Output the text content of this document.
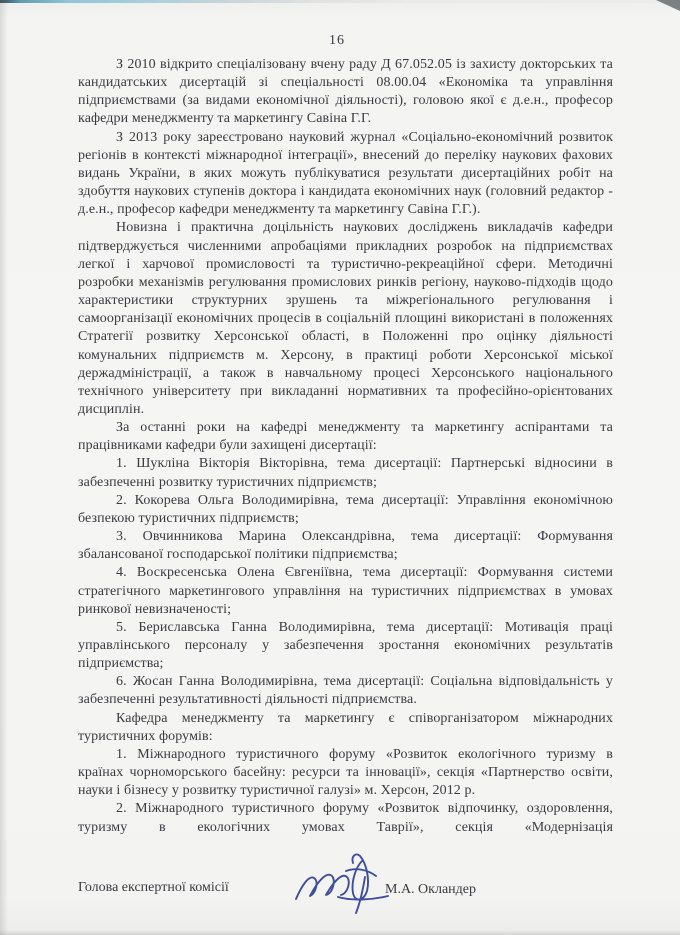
16

З 2010 відкрито спеціалізовану вчену раду Д 67.052.05 із захисту докторських та кандидатських дисертацій зі спеціальності 08.00.04 «Економіка та управління підприємствами (за видами економічної діяльності), головою якої є д.е.н., професор кафедри менеджменту та маркетингу Савіна Г.Г.

З 2013 року зареєстровано науковий журнал «Соціально-економічний розвиток регіонів в контексті міжнародної інтеграції», внесений до переліку наукових фахових видань України, в яких можуть публікуватися результати дисертаційних робіт на здобуття наукових ступенів доктора і кандидата економічних наук (головний редактор - д.е.н., професор кафедри менеджменту та маркетингу Савіна Г.Г.).

Новизна і практична доцільність наукових досліджень викладачів кафедри підтверджується численними апробаціями прикладних розробок на підприємствах легкої і харчової промисловості та туристично-рекреаційної сфери. Методичні розробки механізмів регулювання промислових ринків регіону, науково-підходів щодо характеристики структурних зрушень та міжрегіонального регулювання і самоорганізації економічних процесів в соціальній площині використані в положеннях Стратегії розвитку Херсонської області, в Положенні про оцінку діяльності комунальних підприємств м. Херсону, в практиці роботи Херсонської міської держадміністрації, а також в навчальному процесі Херсонського національного технічного університету при викладанні нормативних та професійно-орієнтованих дисциплін.

За останні роки на кафедрі менеджменту та маркетингу аспірантами та працівниками кафедри були захищені дисертації:

1. Шукліна Вікторія Вікторівна, тема дисертації: Партнерські відносини в забезпеченні розвитку туристичних підприємств;

2. Кокорева Ольга Володимирівна, тема дисертації: Управління економічною безпекою туристичних підприємств;

3. Овчинникова Марина Олександрівна, тема дисертації: Формування збалансованої господарської політики підприємства;

4. Воскресенська Олена Євгеніївна, тема дисертації: Формування системи стратегічного маркетингового управління на туристичних підприємствах в умовах ринкової невизначеності;

5. Бериславська Ганна Володимирівна, тема дисертації: Мотивація праці управлінського персоналу у забезпечення зростання економічних результатів підприємства;

6. Жосан Ганна Володимирівна, тема дисертації: Соціальна відповідальність у забезпеченні результативності діяльності підприємства.

Кафедра менеджменту та маркетингу є співорганізатором міжнародних туристичних форумів:

1. Міжнародного туристичного форуму «Розвиток екологічного туризму в країнах чорноморського басейну: ресурси та інновації», секція «Партнерство освіти, науки і бізнесу у розвитку туристичної галузі» м. Херсон, 2012 р.

2. Міжнародного туристичного форуму «Розвиток відпочинку, оздоровлення, туризму в екологічних умовах Таврії», секція «Модернізація

Голова експертної комісії	М.А. Окландер
